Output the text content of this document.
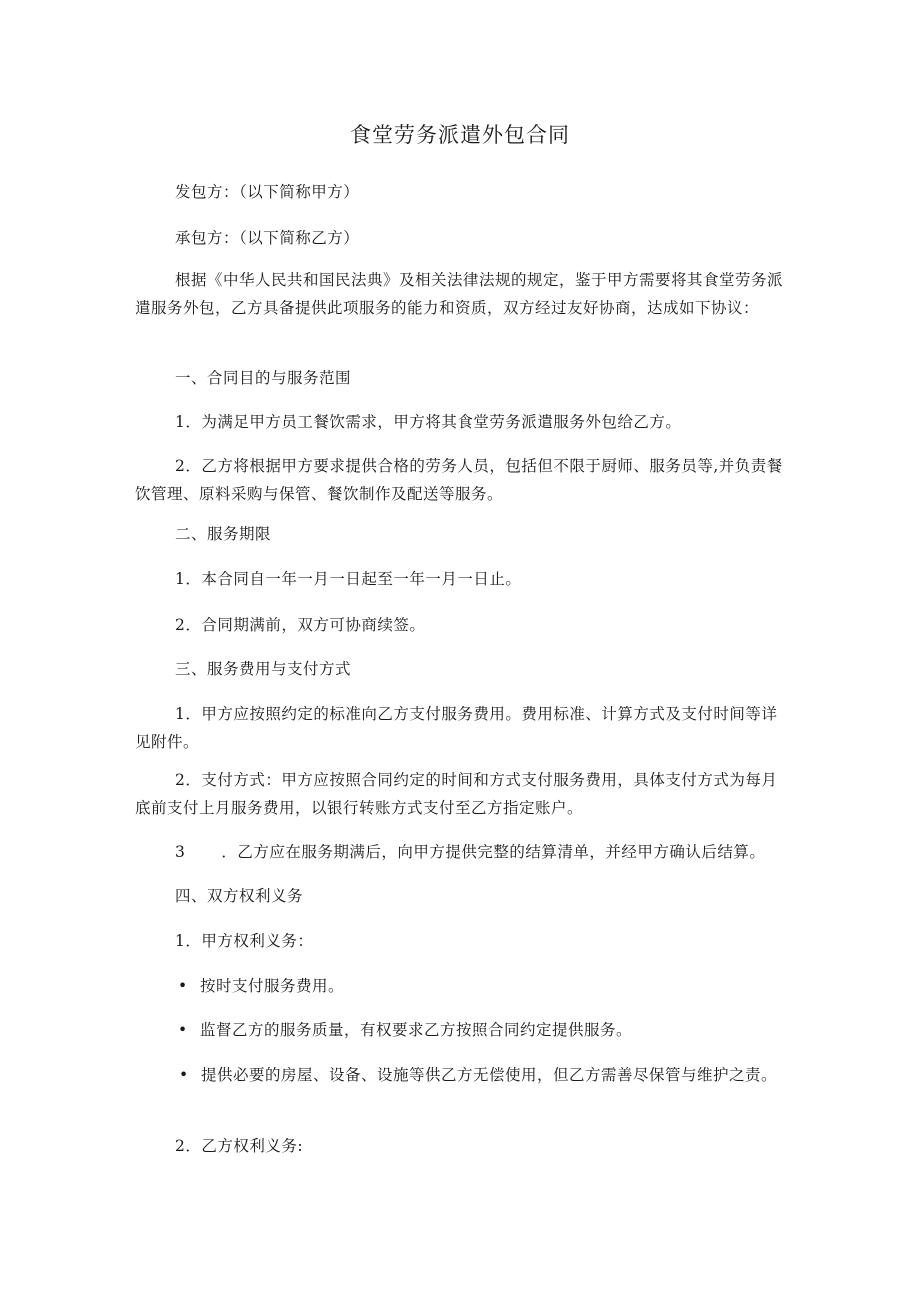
食堂劳务派遣外包合同

发包方：（以下简称甲方）

承包方：（以下简称乙方）

根据《中华人民共和国民法典》及相关法律法规的规定，鉴于甲方需要将其食堂劳务派遣服务外包，乙方具备提供此项服务的能力和资质，双方经过友好协商，达成如下协议：

一、合同目的与服务范围

1．为满足甲方员工餐饮需求，甲方将其食堂劳务派遣服务外包给乙方。

2．乙方将根据甲方要求提供合格的劳务人员，包括但不限于厨师、服务员等,并负责餐饮管理、原料采购与保管、餐饮制作及配送等服务。

二、服务期限

1．本合同自一年一月一日起至一年一月一日止。

2．合同期满前，双方可协商续签。

三、服务费用与支付方式

1．甲方应按照约定的标准向乙方支付服务费用。费用标准、计算方式及支付时间等详见附件。

2．支付方式：甲方应按照合同约定的时间和方式支付服务费用，具体支付方式为每月底前支付上月服务费用，以银行转账方式支付至乙方指定账户。

3 ．乙方应在服务期满后，向甲方提供完整的结算清单，并经甲方确认后结算。

四、双方权利义务

1．甲方权利义务：

• 按时支付服务费用。
• 监督乙方的服务质量，有权要求乙方按照合同约定提供服务。
• 提供必要的房屋、设备、设施等供乙方无偿使用，但乙方需善尽保管与维护之责。

2．乙方权利义务:
